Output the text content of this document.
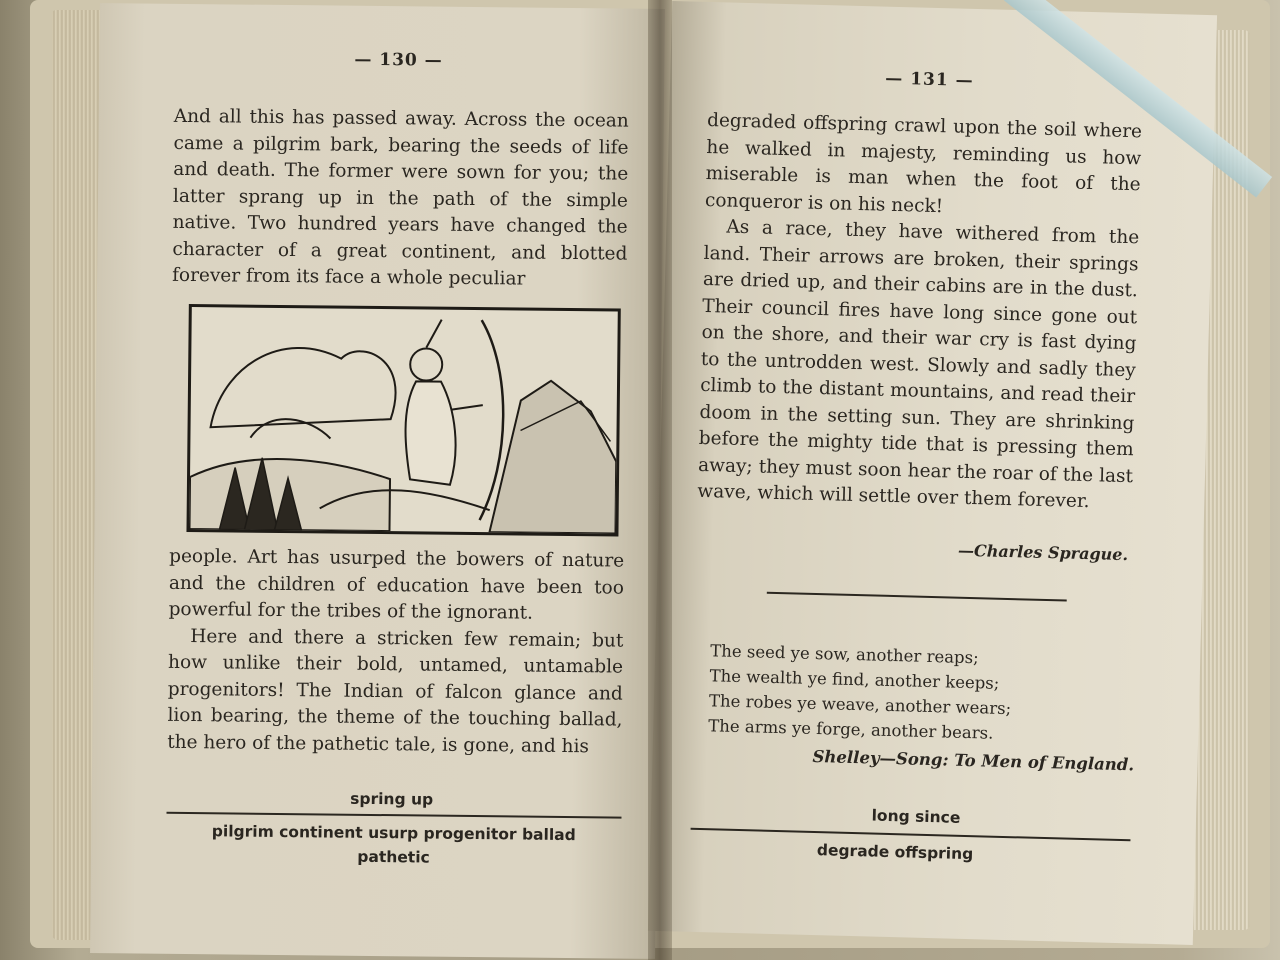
— 130 —

And all this has passed away. Across the ocean came a pilgrim bark, bearing the seeds of life and death. The former were sown for you; the latter sprang up in the path of the simple native. Two hundred years have changed the character of a great continent, and blotted forever from its face a whole peculiar

people. Art has usurped the bowers of nature and the children of education have been too powerful for the tribes of the ignorant.

Here and there a stricken few remain; but how unlike their bold, untamed, untamable progenitors! The Indian of falcon glance and lion bearing, the theme of the touching ballad, the hero of the pathetic tale, is gone, and his

spring up
pilgrim continent usurp progenitor ballad
pathetic
— 131 —

degraded offspring crawl upon the soil where he walked in majesty, reminding us how miserable is man when the foot of the conqueror is on his neck!

As a race, they have withered from the land. Their arrows are broken, their springs are dried up, and their cabins are in the dust. Their council fires have long since gone out on the shore, and their war cry is fast dying to the untrodden west. Slowly and sadly they climb to the distant mountains, and read their doom in the setting sun. They are shrinking before the mighty tide that is pressing them away; they must soon hear the roar of the last wave, which will settle over them forever.

—Charles Sprague.
The seed ye sow, another reaps;
The wealth ye find, another keeps;
The robes ye weave, another wears;
The arms ye forge, another bears.
Shelley—Song: To Men of England.
long since
degrade offspring
